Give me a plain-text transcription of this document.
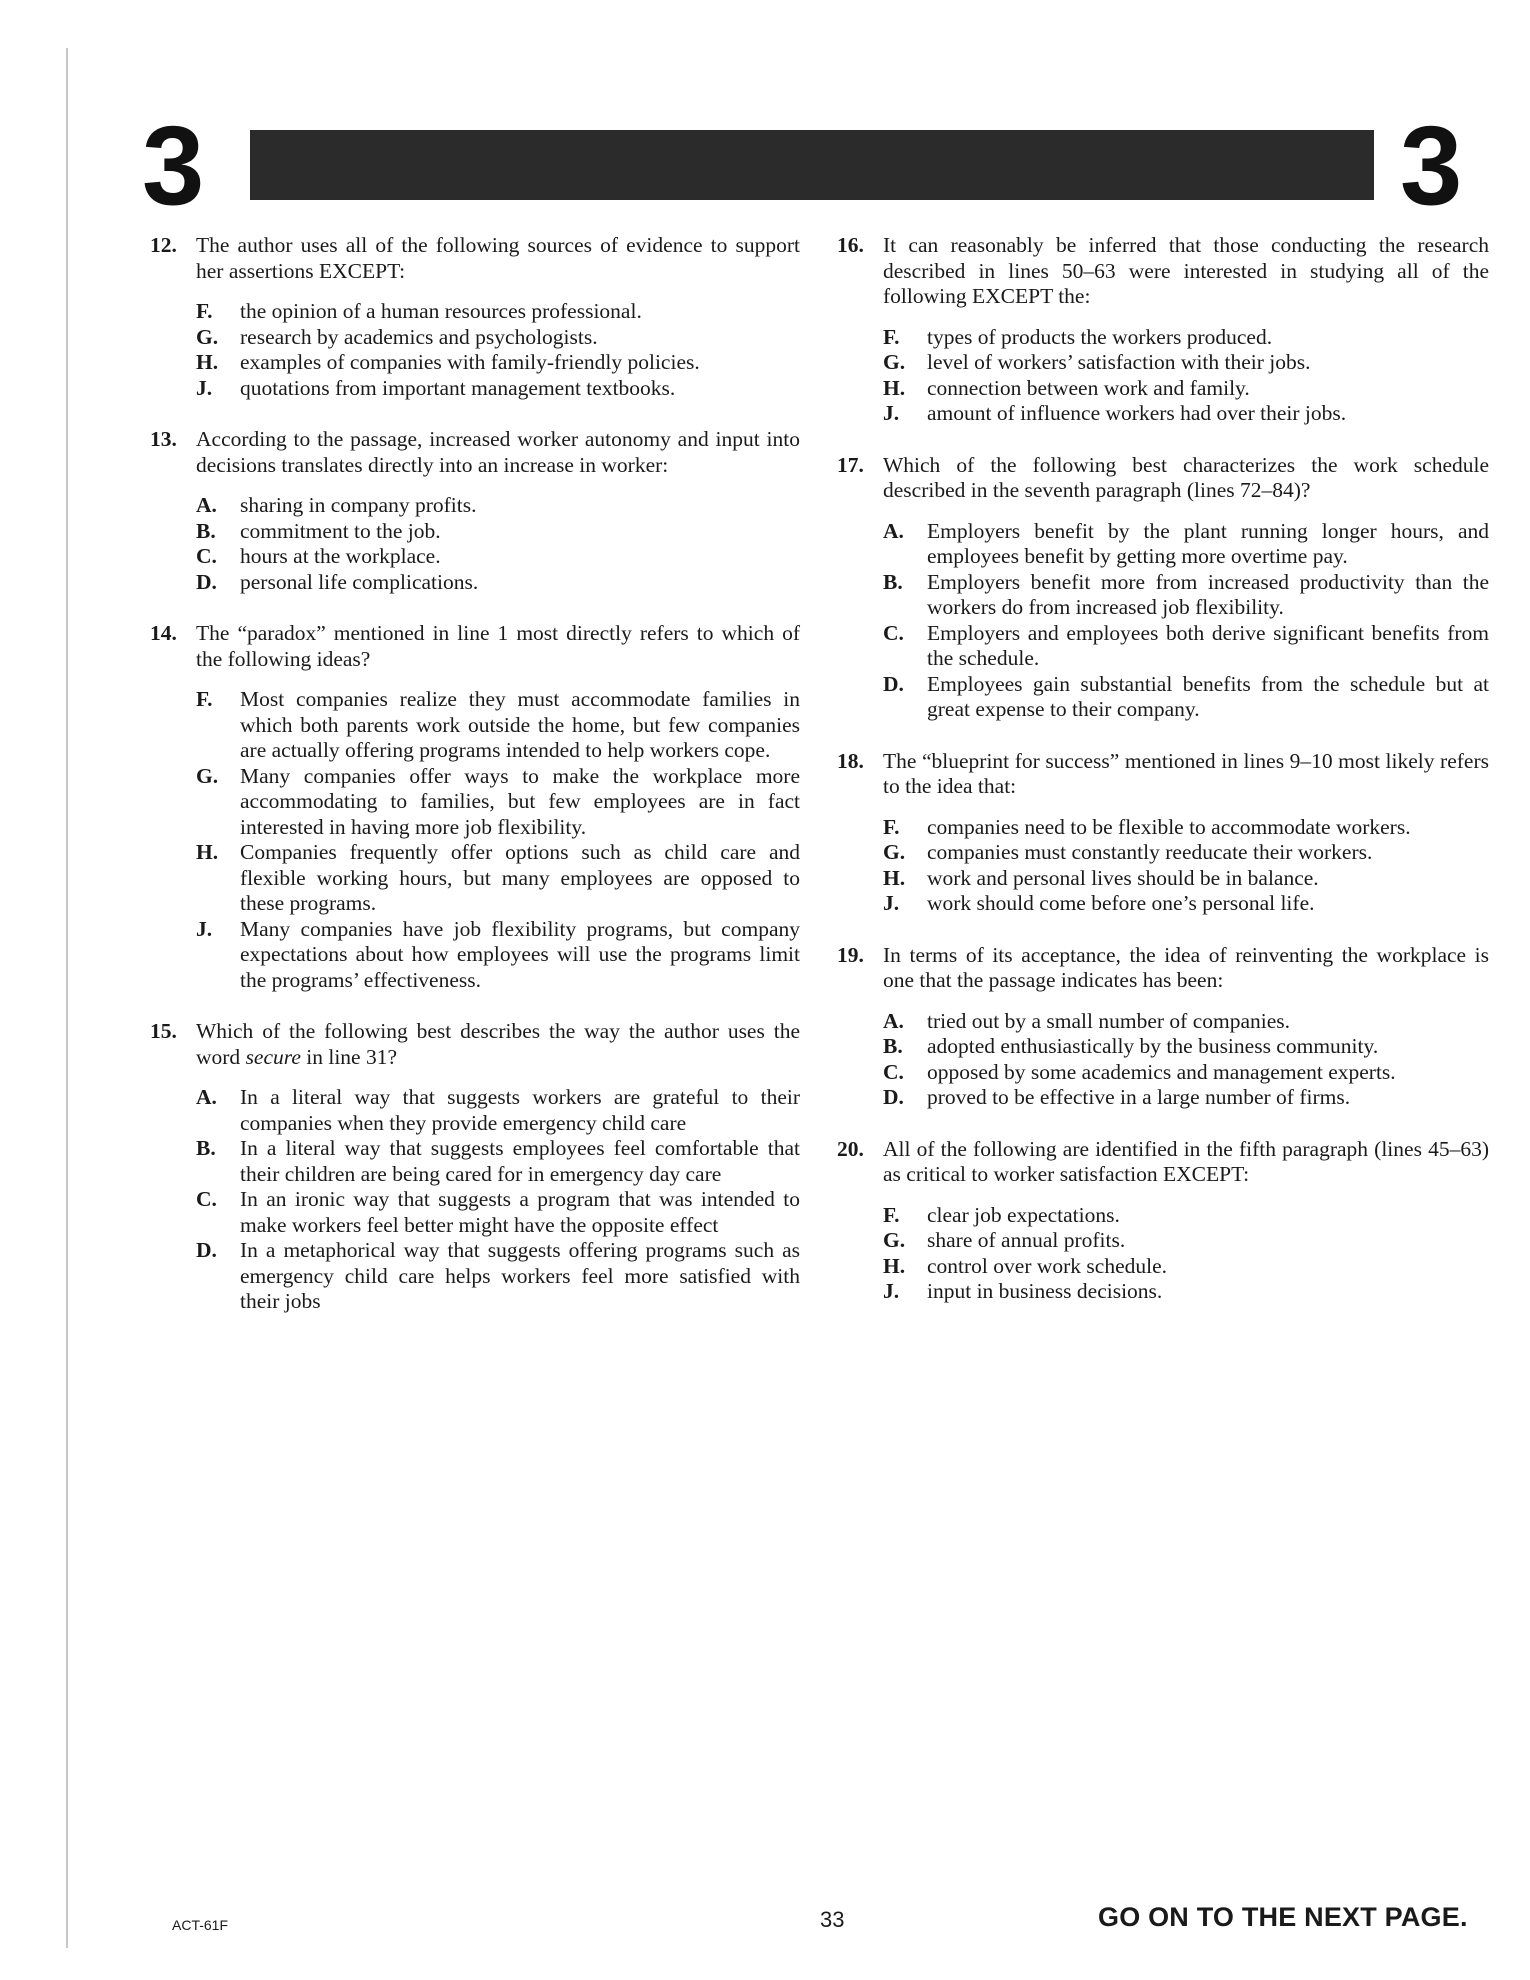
3	3
12. The author uses all of the following sources of evidence to support her assertions EXCEPT:
F.	the opinion of a human resources professional.
G.	research by academics and psychologists.
H.	examples of companies with family-friendly policies.
J.	quotations from important management textbooks.
13. According to the passage, increased worker autonomy and input into decisions translates directly into an increase in worker:
A.	sharing in company profits.
B.	commitment to the job.
C.	hours at the workplace.
D.	personal life complications.
14. The “paradox” mentioned in line 1 most directly refers to which of the following ideas?
F.	Most companies realize they must accommodate families in which both parents work outside the home, but few companies are actually offering programs intended to help workers cope.
G.	Many companies offer ways to make the workplace more accommodating to families, but few employees are in fact interested in having more job flexibility.
H.	Companies frequently offer options such as child care and flexible working hours, but many employees are opposed to these programs.
J.	Many companies have job flexibility programs, but company expectations about how employees will use the programs limit the programs’ effectiveness.
15. Which of the following best describes the way the author uses the word secure in line 31?
A.	In a literal way that suggests workers are grateful to their companies when they provide emergency child care
B.	In a literal way that suggests employees feel comfortable that their children are being cared for in emergency day care
C.	In an ironic way that suggests a program that was intended to make workers feel better might have the opposite effect
D.	In a metaphorical way that suggests offering programs such as emergency child care helps workers feel more satisfied with their jobs
16. It can reasonably be inferred that those conducting the research described in lines 50–63 were interested in studying all of the following EXCEPT the:
F.	types of products the workers produced.
G.	level of workers’ satisfaction with their jobs.
H.	connection between work and family.
J.	amount of influence workers had over their jobs.
17. Which of the following best characterizes the work schedule described in the seventh paragraph (lines 72–84)?
A.	Employers benefit by the plant running longer hours, and employees benefit by getting more overtime pay.
B.	Employers benefit more from increased productivity than the workers do from increased job flexibility.
C.	Employers and employees both derive significant benefits from the schedule.
D.	Employees gain substantial benefits from the schedule but at great expense to their company.
18. The “blueprint for success” mentioned in lines 9–10 most likely refers to the idea that:
F.	companies need to be flexible to accommodate workers.
G.	companies must constantly reeducate their workers.
H.	work and personal lives should be in balance.
J.	work should come before one’s personal life.
19. In terms of its acceptance, the idea of reinventing the workplace is one that the passage indicates has been:
A.	tried out by a small number of companies.
B.	adopted enthusiastically by the business community.
C.	opposed by some academics and management experts.
D.	proved to be effective in a large number of firms.
20. All of the following are identified in the fifth paragraph (lines 45–63) as critical to worker satisfaction EXCEPT:
F.	clear job expectations.
G.	share of annual profits.
H.	control over work schedule.
J.	input in business decisions.
ACT-61F	33	GO ON TO THE NEXT PAGE.
